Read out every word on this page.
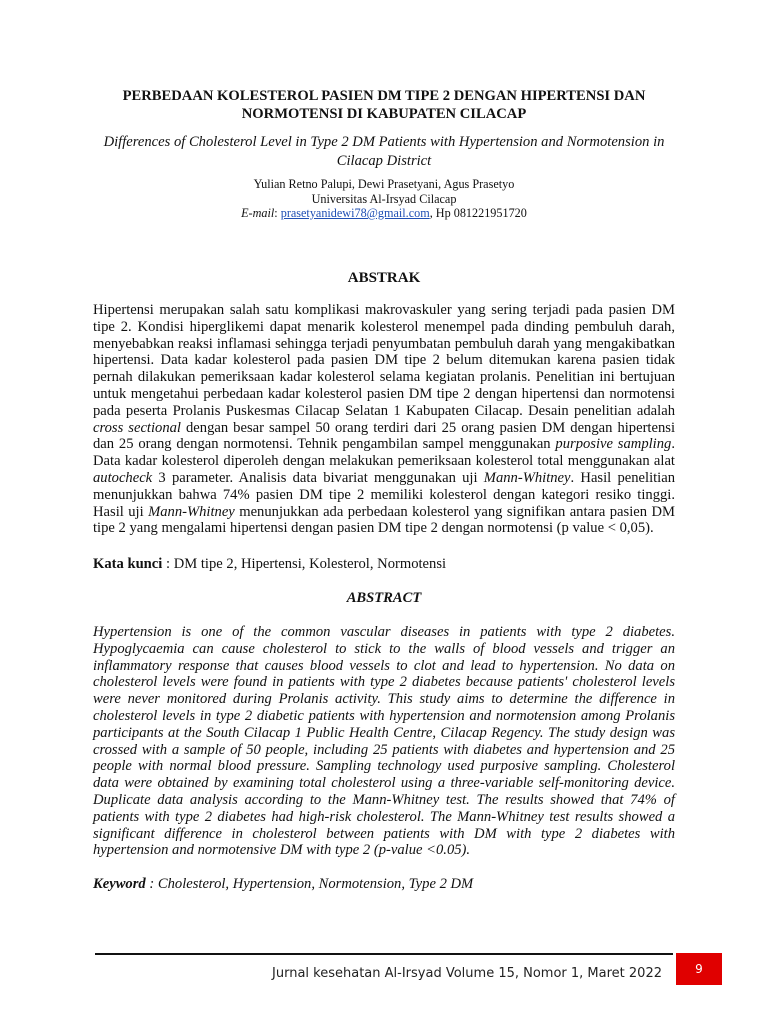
PERBEDAAN KOLESTEROL PASIEN DM TIPE 2 DENGAN HIPERTENSI DAN NORMOTENSI DI KABUPATEN CILACAP
Differences of Cholesterol Level in Type 2 DM Patients with Hypertension and Normotension in Cilacap District
Yulian Retno Palupi, Dewi Prasetyani, Agus Prasetyo
Universitas Al-Irsyad Cilacap
E-mail: prasetyanidewi78@gmail.com, Hp 081221951720
ABSTRAK

Hipertensi merupakan salah satu komplikasi makrovaskuler yang sering terjadi pada pasien DM tipe 2. Kondisi hiperglikemi dapat menarik kolesterol menempel pada dinding pembuluh darah, menyebabkan reaksi inflamasi sehingga terjadi penyumbatan pembuluh darah yang mengakibatkan hipertensi. Data kadar kolesterol pada pasien DM tipe 2 belum ditemukan karena pasien tidak pernah dilakukan pemeriksaan kadar kolesterol selama kegiatan prolanis. Penelitian ini bertujuan untuk mengetahui perbedaan kadar kolesterol pasien DM tipe 2 dengan hipertensi dan normotensi pada peserta Prolanis Puskesmas Cilacap Selatan 1 Kabupaten Cilacap. Desain penelitian adalah cross sectional dengan besar sampel 50 orang terdiri dari 25 orang pasien DM dengan hipertensi dan 25 orang dengan normotensi. Tehnik pengambilan sampel menggunakan purposive sampling. Data kadar kolesterol diperoleh dengan melakukan pemeriksaan kolesterol total menggunakan alat autocheck 3 parameter. Analisis data bivariat menggunakan uji Mann-Whitney. Hasil penelitian menunjukkan bahwa 74% pasien DM tipe 2 memiliki kolesterol dengan kategori resiko tinggi. Hasil uji Mann-Whitney menunjukkan ada perbedaan kolesterol yang signifikan antara pasien DM tipe 2 yang mengalami hipertensi dengan pasien DM tipe 2 dengan normotensi (p value < 0,05).

Kata kunci : DM tipe 2, Hipertensi, Kolesterol, Normotensi

ABSTRACT

Hypertension is one of the common vascular diseases in patients with type 2 diabetes. Hypoglycaemia can cause cholesterol to stick to the walls of blood vessels and trigger an inflammatory response that causes blood vessels to clot and lead to hypertension. No data on cholesterol levels were found in patients with type 2 diabetes because patients' cholesterol levels were never monitored during Prolanis activity. This study aims to determine the difference in cholesterol levels in type 2 diabetic patients with hypertension and normotension among Prolanis participants at the South Cilacap 1 Public Health Centre, Cilacap Regency. The study design was crossed with a sample of 50 people, including 25 patients with diabetes and hypertension and 25 people with normal blood pressure. Sampling technology used purposive sampling. Cholesterol data were obtained by examining total cholesterol using a three-variable self-monitoring device. Duplicate data analysis according to the Mann-Whitney test. The results showed that 74% of patients with type 2 diabetes had high-risk cholesterol. The Mann-Whitney test results showed a significant difference in cholesterol between patients with DM with type 2 diabetes with hypertension and normotensive DM with type 2 (p-value <0.05).

Keyword : Cholesterol, Hypertension, Normotension, Type 2 DM

Jurnal kesehatan Al-Irsyad Volume 15, Nomor 1, Maret 2022	9
